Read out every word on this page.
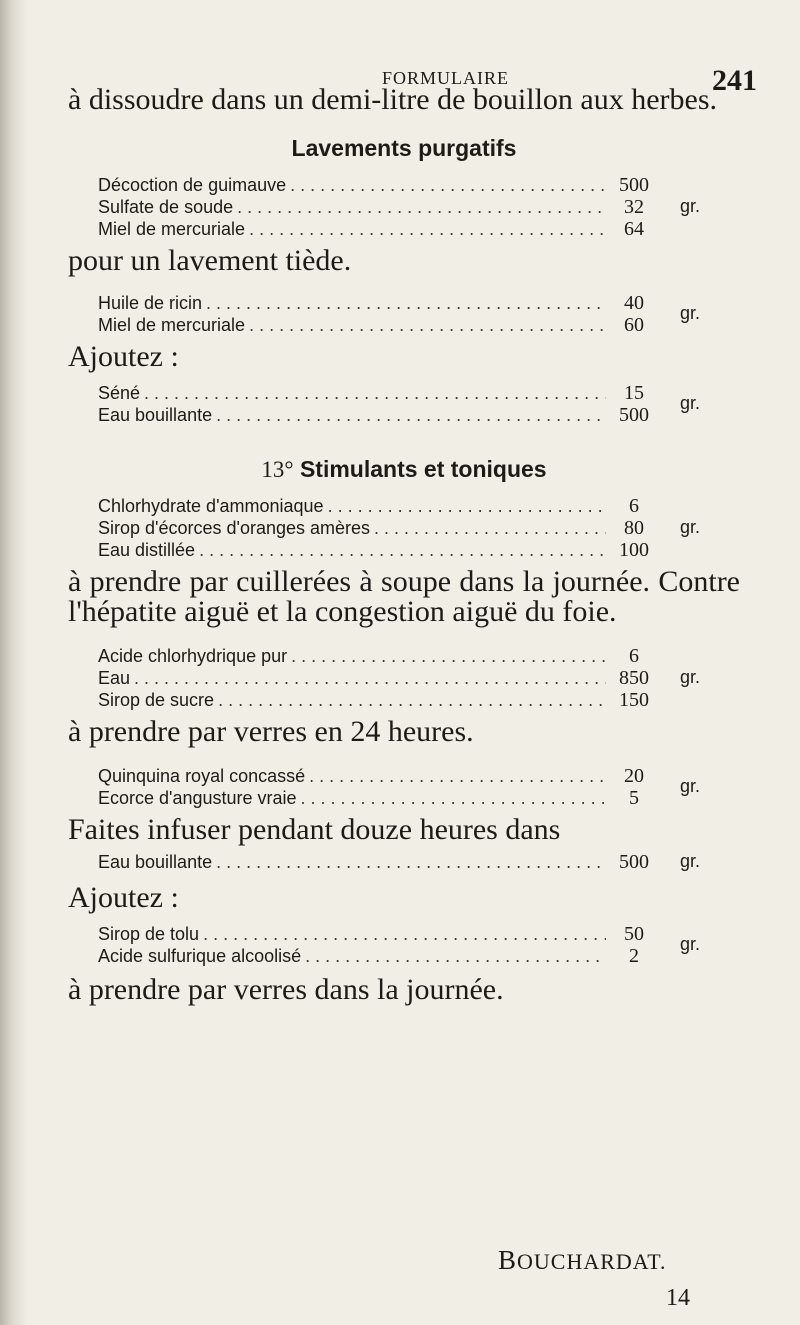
FORMULAIRE	241

à dissoudre dans un demi-litre de bouillon aux herbes.

Lavements purgatifs

Décoction de guimauve . . .	500
Sulfate de soude . . .	32
Miel de mercuriale . . .	64
gr.

pour un lavement tiède.

Huile de ricin . . .	40
Miel de mercuriale . . .	60
gr.

Ajoutez :

Séné . . .	15
Eau bouillante . . .	500
gr.

13° Stimulants et toniques

Chlorhydrate d'ammoniaque . . .	6
Sirop d'écorces d'oranges amères . . .	80
Eau distillée . . .	100
gr.

à prendre par cuillerées à soupe dans la journée. Contre l'hépatite aiguë et la congestion aiguë du foie.

Acide chlorhydrique pur . . .	6
Eau . . .	850
Sirop de sucre . . .	150
gr.

à prendre par verres en 24 heures.

Quinquina royal concassé . . .	20
Ecorce d'angusture vraie . . .	5
gr.

Faites infuser pendant douze heures dans

Eau bouillante . . .	500	gr.

Ajoutez :

Sirop de tolu . . .	50
Acide sulfurique alcoolisé . . .	2
gr.

à prendre par verres dans la journée.

BOUCHARDAT.
14
